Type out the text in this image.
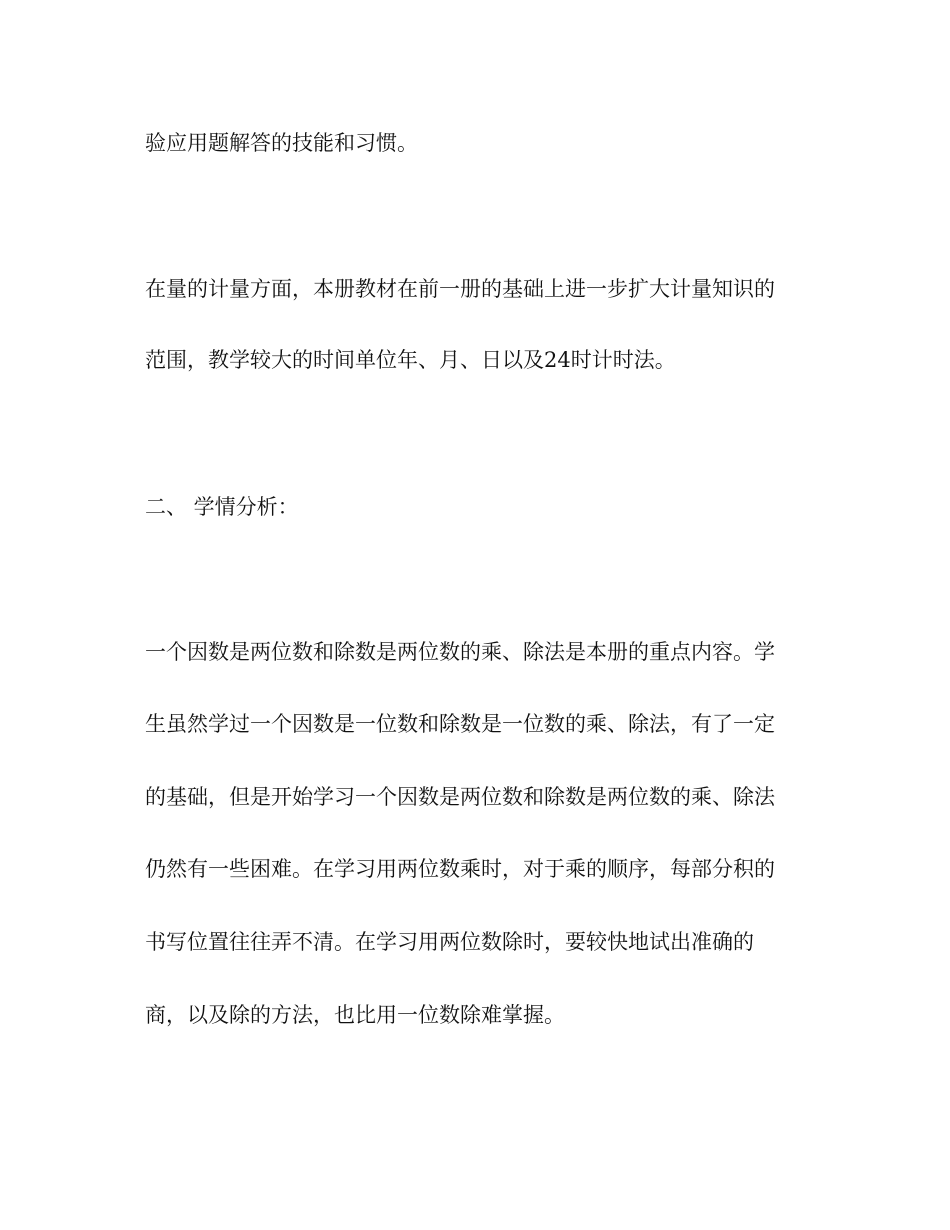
验应用题解答的技能和习惯。
在量的计量方面，本册教材在前一册的基础上进一步扩大计量知识的
范围，教学较大的时间单位年、月、日以及24时计时法。
二、 学情分析：
一个因数是两位数和除数是两位数的乘、除法是本册的重点内容。学
生虽然学过一个因数是一位数和除数是一位数的乘、除法，有了一定
的基础，但是开始学习一个因数是两位数和除数是两位数的乘、除法
仍然有一些困难。在学习用两位数乘时，对于乘的顺序，每部分积的
书写位置往往弄不清。在学习用两位数除时，要较快地试出准确的
商，以及除的方法，也比用一位数除难掌握。
